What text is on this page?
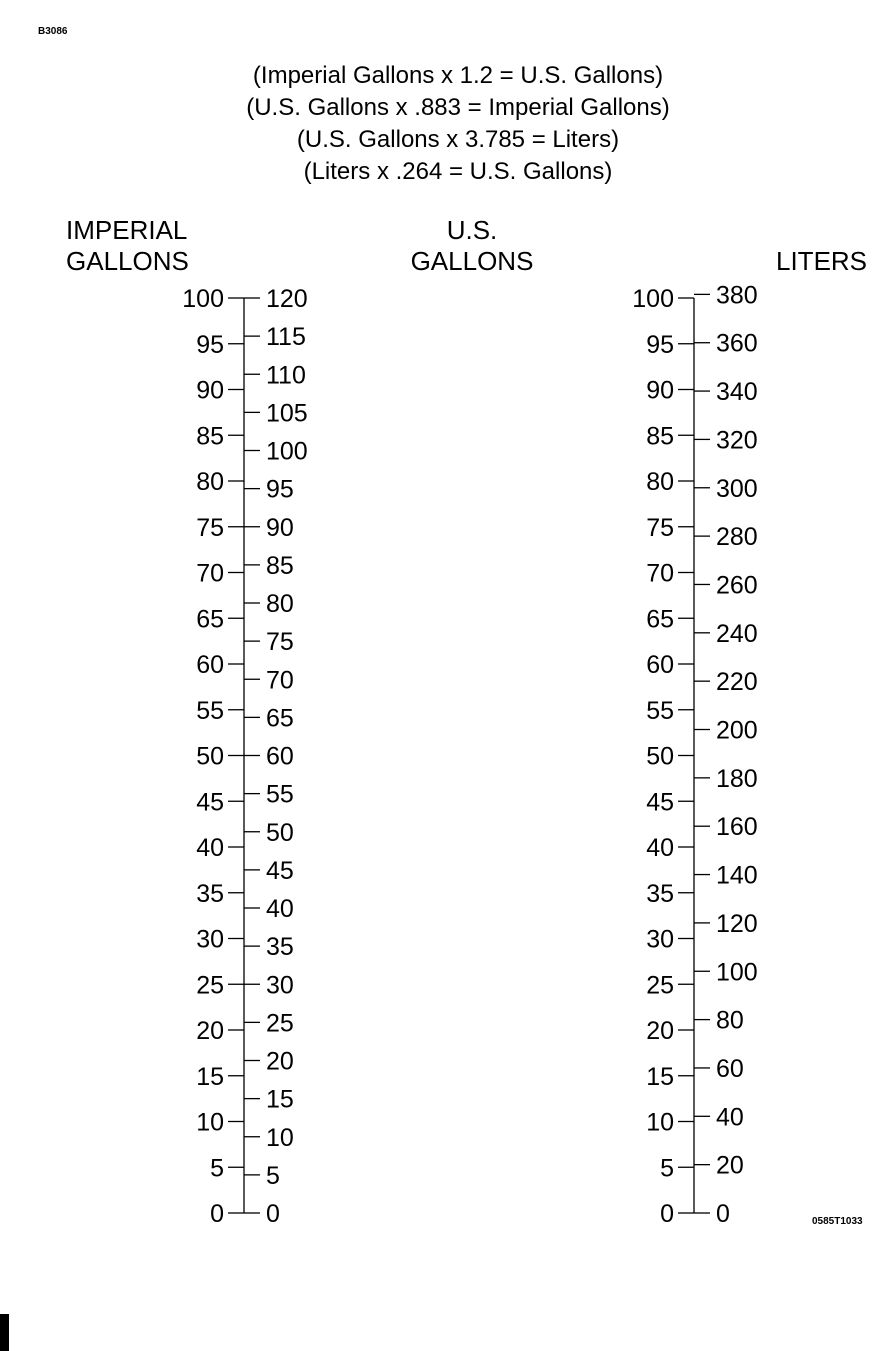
B3086
(Imperial Gallons x 1.2 = U.S. Gallons)
(U.S. Gallons x .883 = Imperial Gallons)
(U.S. Gallons x 3.785 = Liters)
(Liters x .264 = U.S. Gallons)
IMPERIAL
GALLONS
U.S.
GALLONS	LITERS
0
5
10
15
20
25
30
35
40
45
50
55
60
65
70
75
80
85
90
95
100
0
5
10
15
20
25
30
35
40
45
50
55
60
65
70
75
80
85
90
95
100
105
110
115
120
0
5
10
15
20
25
30
35
40
45
50
55
60
65
70
75
80
85
90
95
100
0
20
40
60
80
100
120
140
160
180
200
220
240
260
280
300
320
340
360
380
0585T1033
